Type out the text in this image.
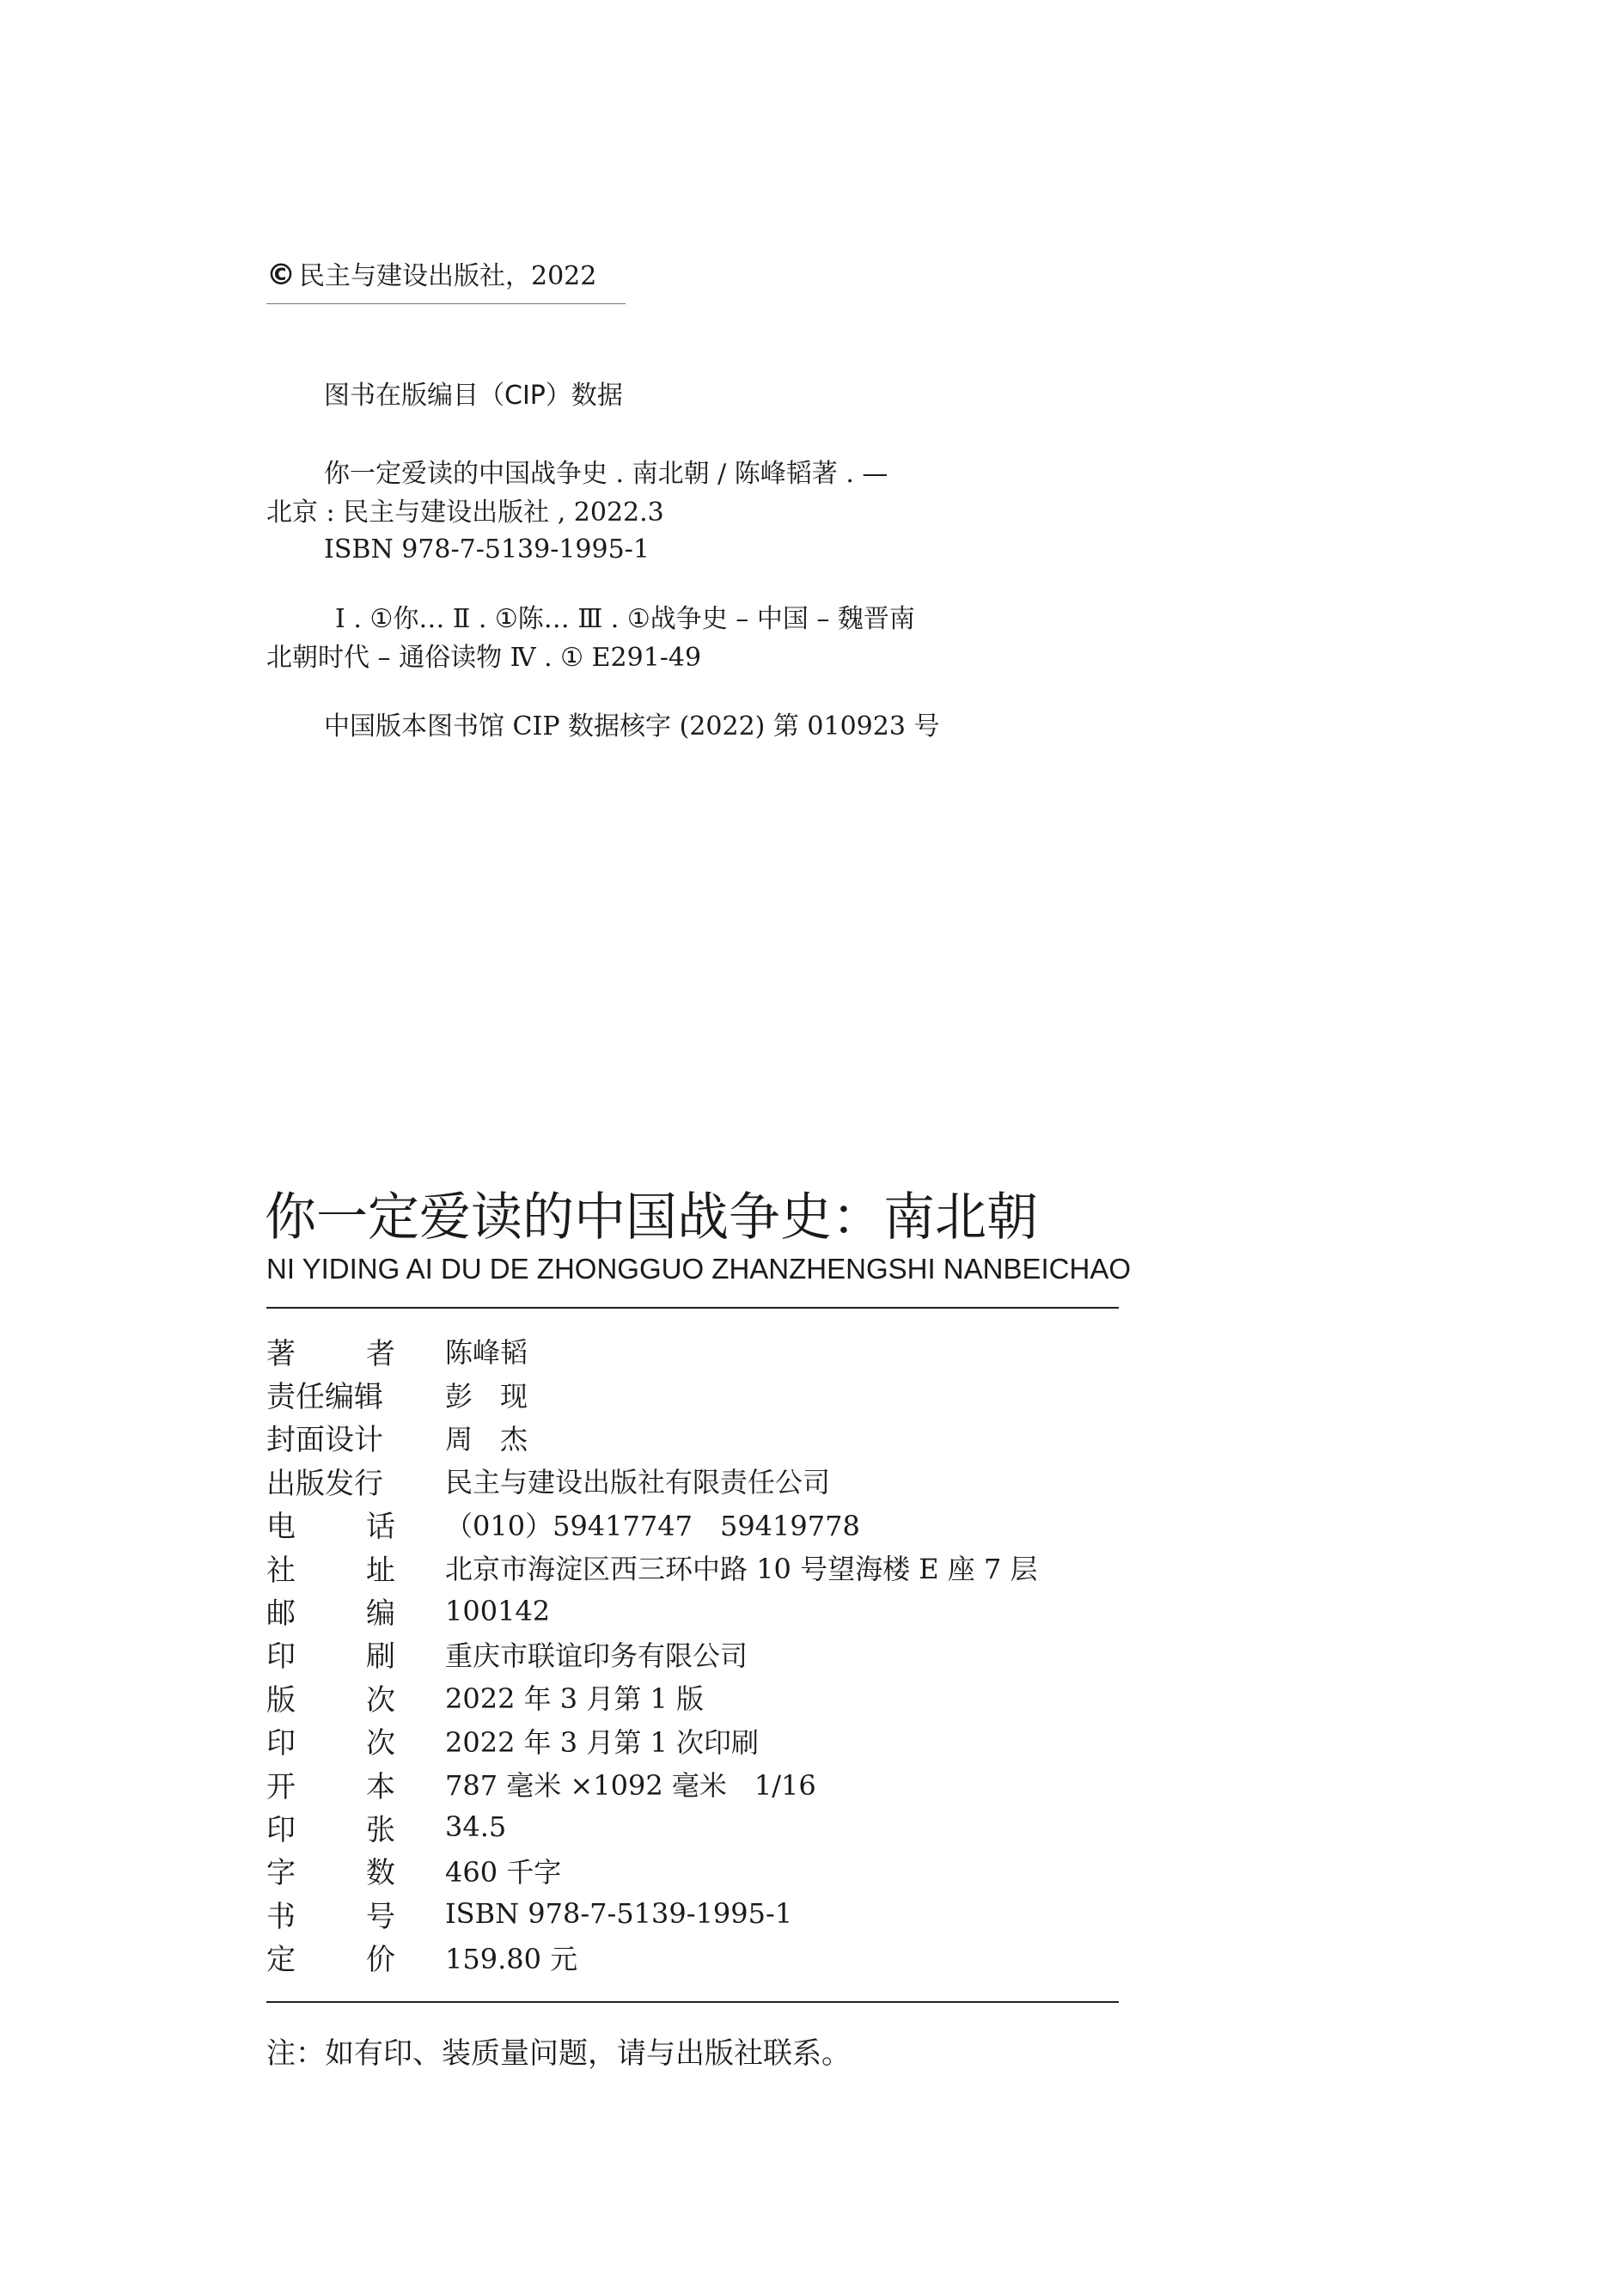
© 民主与建设出版社，2022
图书在版编目（CIP）数据
你一定爱读的中国战争史 . 南北朝 / 陈峰韬著 . —
北京 : 民主与建设出版社 , 2022.3
ISBN 978-7-5139-1995-1
Ⅰ . ①你… Ⅱ . ①陈… Ⅲ . ①战争史 – 中国 – 魏晋南
北朝时代 – 通俗读物 Ⅳ . ① E291-49
中国版本图书馆 CIP 数据核字 (2022) 第 010923 号
你一定爱读的中国战争史：南北朝
NI YIDING AI DU DE ZHONGGUO ZHANZHENGSHI NANBEICHAO
著 者 陈峰韬
责任编辑 彭　现
封面设计 周　杰
出版发行 民主与建设出版社有限责任公司
电 话 （010）59417747　59419778
社 址 北京市海淀区西三环中路 10 号望海楼 E 座 7 层
邮 编 100142
印 刷 重庆市联谊印务有限公司
版 次 2022 年 3 月第 1 版
印 次 2022 年 3 月第 1 次印刷
开 本 787 毫米 ×1092 毫米　1/16
印 张 34.5
字 数 460 千字
书 号 ISBN 978-7-5139-1995-1
定 价 159.80 元
注：如有印、装质量问题，请与出版社联系。
